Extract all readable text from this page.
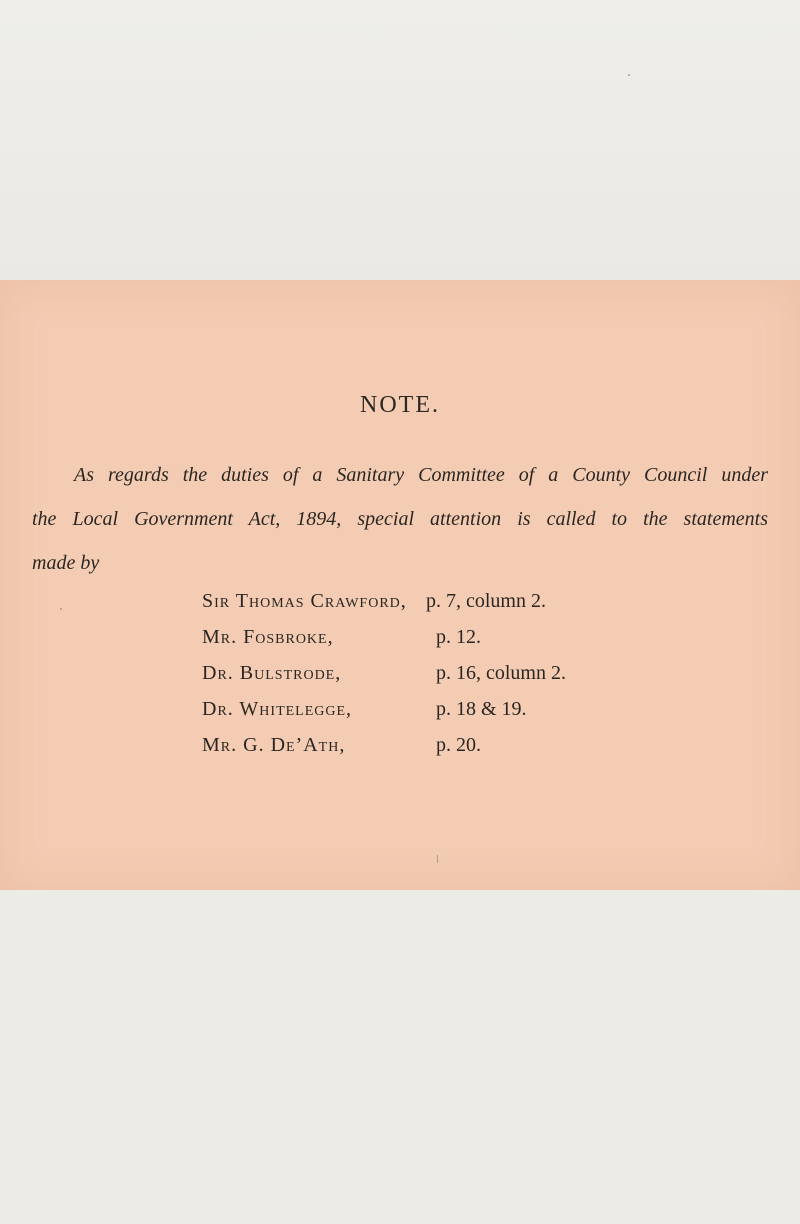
NOTE.
As regards the duties of a Sanitary Committee of a County Council under
the Local Government Act, 1894, special attention is called to the statements
made by
Sir Thomas Crawford, p. 7, column 2.
Mr. Fosbroke,	p. 12.
Dr. Bulstrode,	p. 16, column 2.
Dr. Whitelegge,	p. 18 & 19.
Mr. G. De’Ath,	p. 20.
